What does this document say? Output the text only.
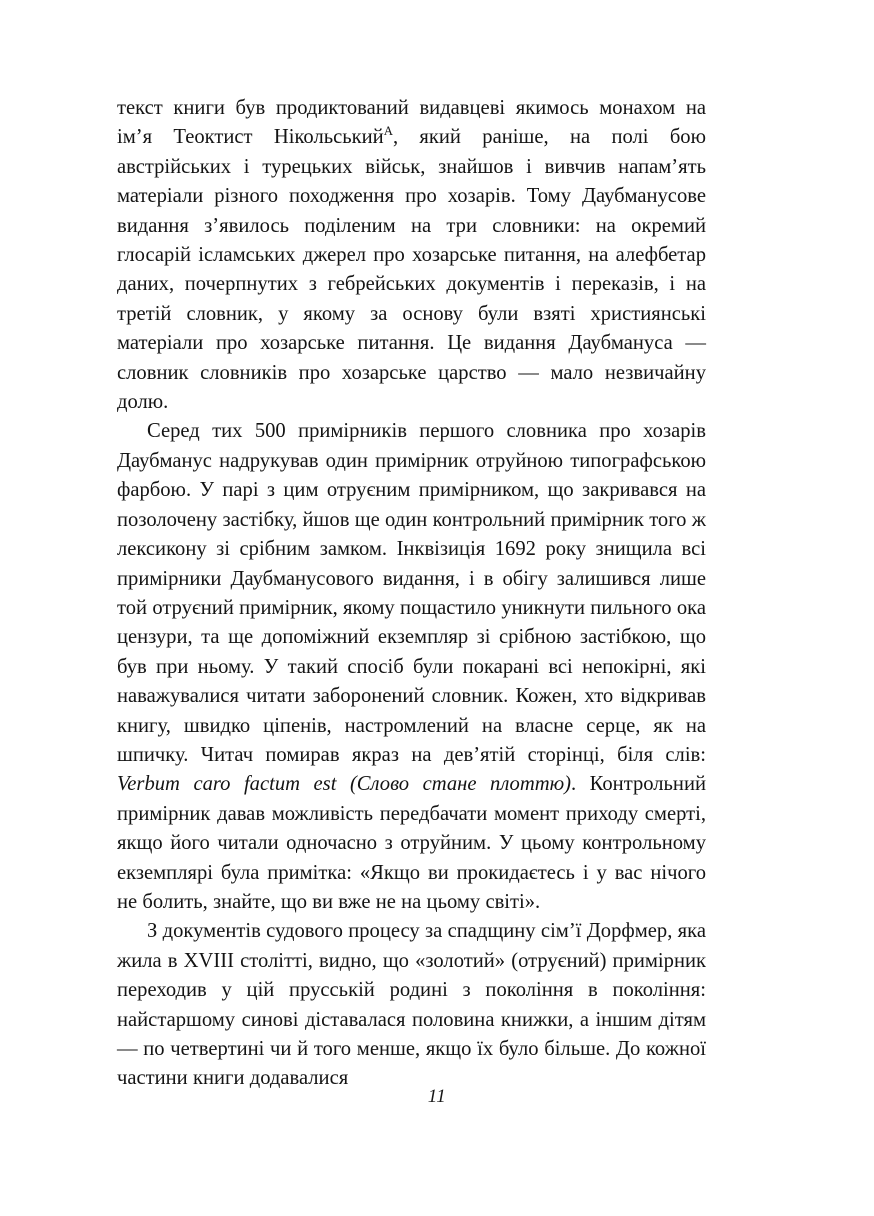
текст книги був продиктований видавцеві якимось монахом на ім’я Теоктист Нікольський$^A$, який раніше, на полі бою австрійських і турецьких військ, знайшов і вивчив напам’ять матеріали різного походження про хозарів. Тому Даубманусове видання з’явилось поділеним на три словники: на окремий глосарій ісламських джерел про хозарське питання, на алефбетар даних, почерпнутих з гебрейських документів і переказів, і на третій словник, у якому за основу були взяті християнські матеріали про хозарське питання. Це видання Даубмануса — словник словників про хозарське царство — мало незвичайну долю.

Серед тих 500 примірників першого словника про хозарів Даубманус надрукував один примірник отруйною типографською фарбою. У парі з цим отруєним примірником, що закривався на позолочену застібку, йшов ще один контрольний примірник того ж лексикону зі срібним замком. Інквізиція 1692 року знищила всі примірники Даубманусового видання, і в обігу залишився лише той отруєний примірник, якому пощастило уникнути пильного ока цензури, та ще допоміжний екземпляр зі срібною застібкою, що був при ньому. У такий спосіб були покарані всі непокірні, які наважувалися читати заборонений словник. Кожен, хто відкривав книгу, швидко ціпенів, настромлений на власне серце, як на шпичку. Читач помирав якраз на дев’ятій сторінці, біля слів: Verbum caro factum est (Слово стане плоттю). Контрольний примірник давав можливість передбачати момент приходу смерті, якщо його читали одночасно з отруйним. У цьому контрольному екземплярі була примітка: «Якщо ви прокидаєтесь і у вас нічого не болить, знайте, що ви вже не на цьому світі».

З документів судового процесу за спадщину сім’ї Дорфмер, яка жила в XVIII столітті, видно, що «золотий» (отруєний) примірник переходив у цій прусській родині з покоління в покоління: найстаршому синові діставалася половина книжки, а іншим дітям — по четвертині чи й того менше, якщо їх було більше. До кожної частини книги додавалися

11
